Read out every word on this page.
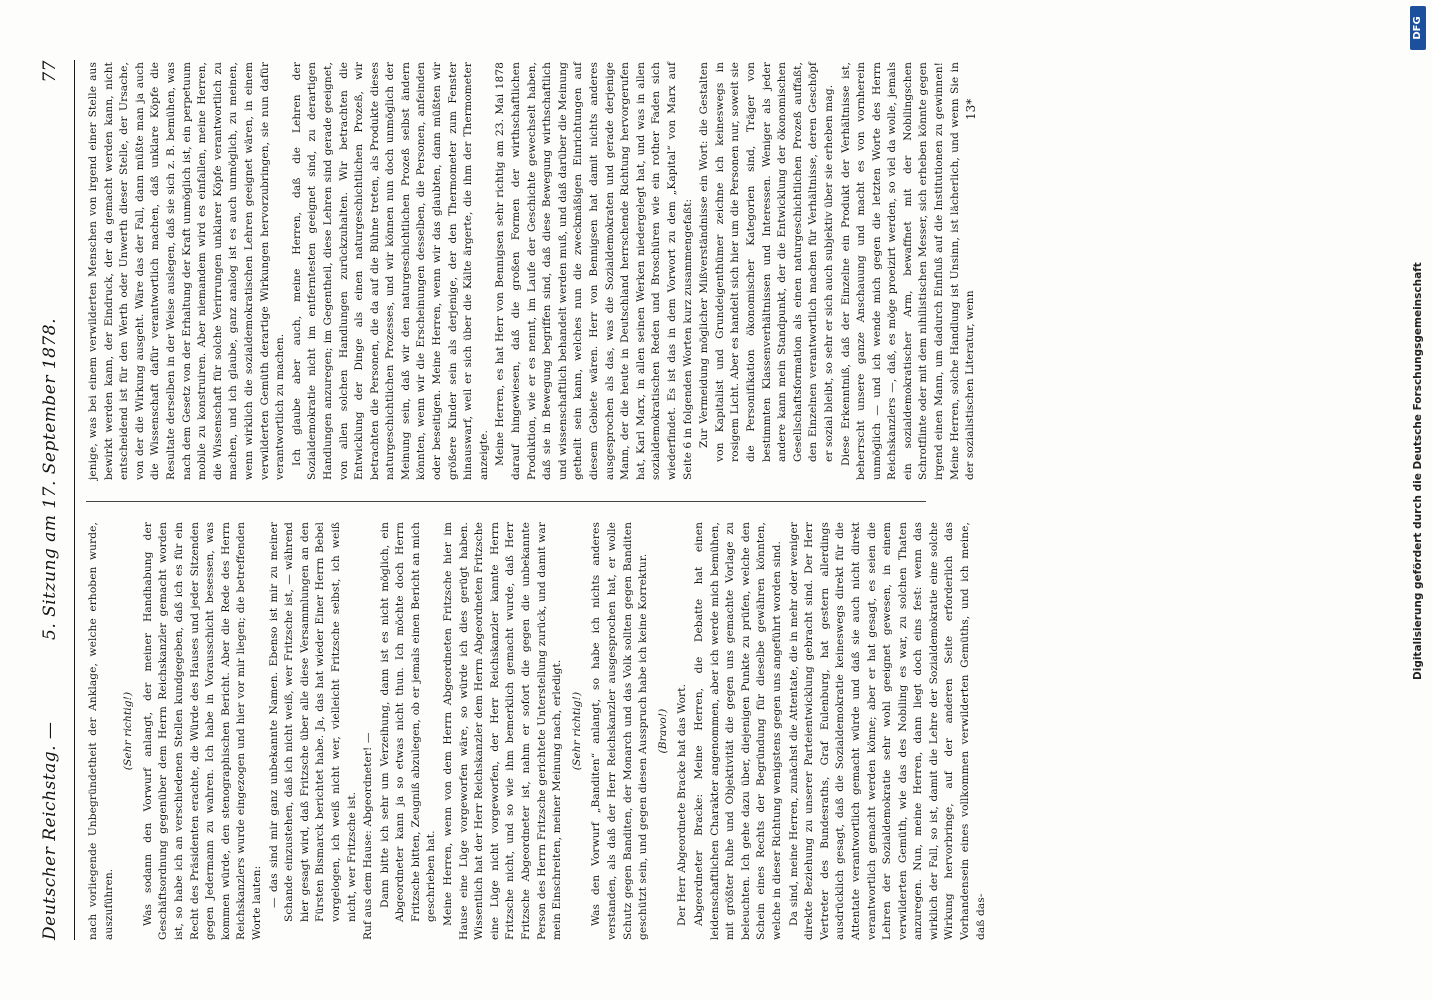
Deutscher Reichstag. —
5. Sitzung am 17. September 1878.
77

nach vorliegende Unbegründetheit der Anklage, welche erhoben wurde, auszuführen.

(Sehr richtig!) Was sodann den Vorwurf anlangt, der meiner Handhabung der Geschäftsordnung gegenüber dem Herrn Reichskanzler gemacht worden ist, so habe ich an verschiedenen Stellen kundgegeben, daß ich es für ein Recht des Präsidenten erachte, die Würde des Hauses und jeder Sitzenden gegen Jedermann zu wahren. Ich habe in Vorausschicht besessen, was kommen würde, den stenographischen Bericht. Aber die Rede des Herrn Reichskanzlers wurde eingezogen und hier vor mir liegen; die betreffenden Worte lauten: — das sind mir ganz unbekannte Namen. Ebenso ist mir zu meiner Schande einzustehen, daß ich nicht weiß, wer Fritzsche ist, — während hier gesagt wird, daß Fritzsche über alle diese Versammlungen an den Fürsten Bismarck berichtet habe. Ja, das hat wieder Einer Herrn Bebel vorgelogen, ich weiß nicht wer, vielleicht Fritzsche selbst, ich weiß nicht, wer Fritzsche ist. Ruf aus dem Hause: Abgeordneter! — Dann bitte ich sehr um Verzeihung, dann ist es nicht möglich, ein Abgeordneter kann ja so etwas nicht thun. Ich möchte doch Herrn Fritzsche bitten, Zeugniß abzulegen, ob er jemals einen Bericht an mich geschrieben hat. Meine Herren, wenn von dem Herrn Abgeordneten Fritzsche hier im Hause eine Lüge vorgeworfen wäre, so würde ich dies gerügt haben. Wissentlich hat der Herr Reichskanzler dem Herrn Abgeordneten Fritzsche eine Lüge nicht vorgeworfen, der Herr Reichskanzler kannte Herrn Fritzsche nicht, und so wie ihm bemerklich gemacht wurde, daß Herr Fritzsche Abgeordneter ist, nahm er sofort die gegen die unbekannte Person des Herrn Fritzsche gerichtete Unterstellung zurück, und damit war mein Einschreiten, meiner Meinung nach, erledigt. (Sehr richtig!) Was den Vorwurf „Banditen“ anlangt, so habe ich nichts anderes verstanden, als daß der Herr Reichskanzler ausgesprochen hat, er wolle Schutz gegen Banditen, der Monarch und das Volk sollten gegen Banditen geschützt sein, und gegen diesen Ausspruch habe ich keine Korrektur. (Bravo!) Der Herr Abgeordnete Bracke hat das Wort. Abgeordneter Bracke: Meine Herren, die Debatte hat einen leidenschaftlichen Charakter angenommen, aber ich werde mich bemühen, mit größter Ruhe und Objektivität die gegen uns gemachte Vorlage zu beleuchten. Ich gehe dazu über, diejenigen Punkte zu prüfen, welche den Schein eines Rechts der Begründung für dieselbe gewähren könnten, welche in dieser Richtung wenigstens gegen uns angeführt worden sind. Da sind, meine Herren, zunächst die Attentate, die in mehr oder weniger direkte Beziehung zu unserer Parteientwicklung gebracht sind. Der Herr Vertreter des Bundesraths, Graf Eulenburg, hat gestern allerdings ausdrücklich gesagt, daß die Sozialdemokratie keineswegs direkt für die Attentate verantwortlich gemacht würde und daß sie auch nicht direkt verantwortlich gemacht werden könne; aber er hat gesagt, es seien die Lehren der Sozialdemokratie sehr wohl geeignet gewesen, in einem verwilderten Gemüth, wie das des Nobiling es war, zu solchen Thaten anzuregen. Nun, meine Herren, dann liegt doch eins fest: wenn das wirklich der Fall, so ist, damit die Lehre der Sozialdemokratie eine solche Wirkung hervorbringe, auf der anderen Seite erforderlich das Vorhandensein eines vollkommen verwilderten Gemüths, und ich meine, daß das-

jenige, was bei einem verwilderten Menschen von irgend einer Stelle aus bewirkt werden kann, der Eindruck, der da gemacht werden kann, nicht entscheidend ist für den Werth oder Unwerth dieser Stelle, der Ursache, von der die Wirkung ausgeht. Wäre das der Fall, dann müßte man ja auch die Wissenschaft dafür verantwortlich machen, daß unklare Köpfe die Resultate derselben in der Weise auslegen, daß sie sich z. B. bemühen, was nach dem Gesetz von der Erhaltung der Kraft unmöglich ist, ein perpetuum mobile zu konstruiren. Aber niemandem wird es einfallen, meine Herren, die Wissenschaft für solche Verirrungen unklarer Köpfe verantwortlich zu machen, und ich glaube, ganz analog ist es auch unmöglich, zu meinen, wenn wirklich die sozialdemokratischen Lehren geeignet wären, in einem verwilderten Gemüth derartige Wirkungen hervorzubringen, sie nun dafür verantwortlich zu machen. Ich glaube aber auch, meine Herren, daß die Lehren der Sozialdemokratie nicht im entferntesten geeignet sind, zu derartigen Handlungen anzuregen; im Gegentheil, diese Lehren sind gerade geeignet, von allen solchen Handlungen zurückzuhalten. Wir betrachten die Entwicklung der Dinge als einen naturgeschichtlichen Prozeß, wir betrachten die Personen, die da auf die Bühne treten, als Produkte dieses naturgeschichtlichen Prozesses, und wir können nun doch unmöglich der Meinung sein, daß wir den naturgeschichtlichen Prozeß selbst ändern könnten, wenn wir die Erscheinungen desselben, die Personen, anfeinden oder beseitigen. Meine Herren, wenn wir das glaubten, dann müßten wir größere Kinder sein als derjenige, der den Thermometer zum Fenster hinauswarf, weil er sich über die Kälte ärgerte, die ihm der Thermometer anzeigte. Meine Herren, es hat Herr von Bennigsen sehr richtig am 23. Mai 1878 darauf hingewiesen, daß die großen Formen der wirthschaftlichen Produktion, wie er es nennt, im Laufe der Geschichte gewechselt haben, daß sie in Bewegung begriffen sind, daß diese Bewegung wirthschaftlich und wissenschaftlich behandelt werden muß, und daß darüber die Meinung getheilt sein kann, welches nun die zweckmäßigen Einrichtungen auf diesem Gebiete wären. Herr von Bennigsen hat damit nichts anderes ausgesprochen als das, was die Sozialdemokraten und gerade derjenige Mann, der die heute in Deutschland herrschende Richtung hervorgerufen hat, Karl Marx, in allen seinen Werken niedergelegt hat, und was in allen sozialdemokratischen Reden und Broschüren wie ein rother Faden sich wiederfindet. Es ist das in dem Vorwort zu dem „Kapital“ von Marx auf Seite 6 in folgenden Worten kurz zusammengefaßt: Zur Vermeidung möglicher Mißverständnisse ein Wort: die Gestalten von Kapitalist und Grundeigenthümer zeichne ich keineswegs in rosigem Licht. Aber es handelt sich hier um die Personen nur, soweit sie die Personifikation ökonomischer Kategorien sind, Träger von bestimmten Klassenverhältnissen und Interessen. Weniger als jeder andere kann mein Standpunkt, der die Entwicklung der ökonomischen Gesellschaftsformation als einen naturgeschichtlichen Prozeß auffaßt, den Einzelnen verantwortlich machen für Verhältnisse, deren Geschöpf er sozial bleibt, so sehr er sich auch subjektiv über sie erheben mag. Diese Erkenntniß, daß der Einzelne ein Produkt der Verhältnisse ist, beherrscht unsere ganze Anschauung und macht es von vornherein unmöglich — und ich wende mich gegen die letzten Worte des Herrn Reichskanzlers —, daß, es möge proeizirt werden, so viel da wolle, jemals ein sozialdemokratischer Arm, bewaffnet mit der Nobilingschen Schrotflinte oder mit dem nihilistischen Messer, sich erheben könnte gegen irgend einen Mann, um dadurch Einfluß auf die Institutionen zu gewinnen! Meine Herren, solche Handlung ist Unsinn, ist lächerlich, und wenn Sie in der sozialistischen Literatur, wenn

13*
Digitalisierung gefördert durch die Deutsche Forschungsgemeinschaft
DFG
